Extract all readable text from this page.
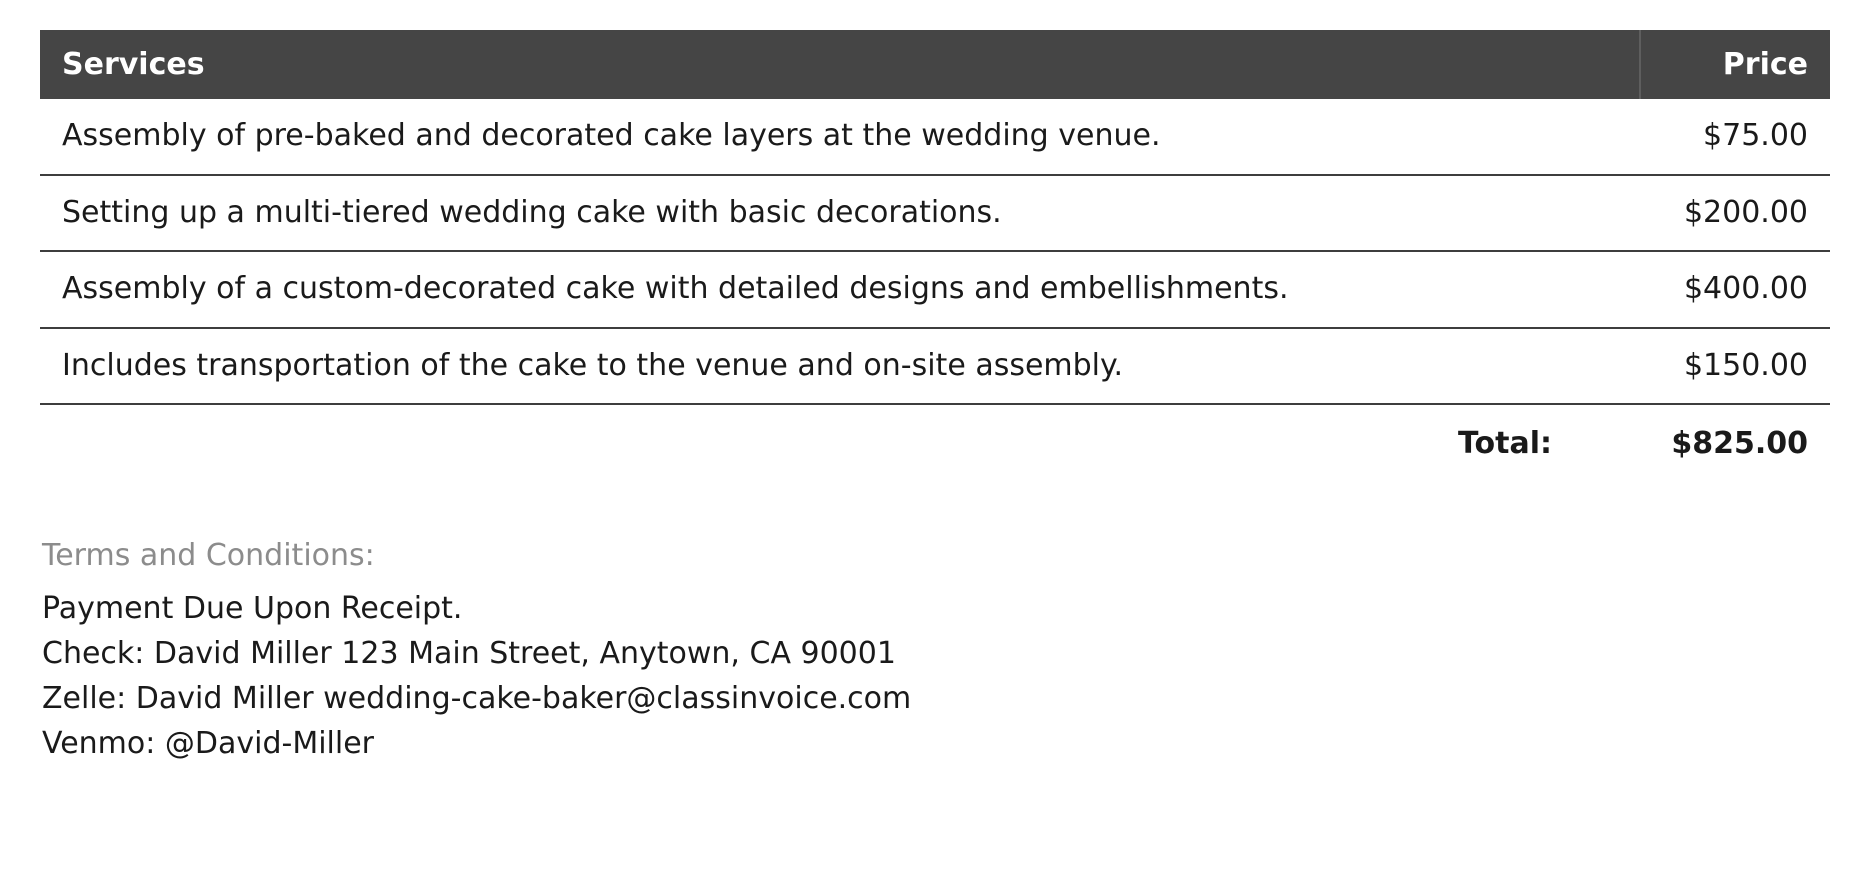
Services	Price
Assembly of pre-baked and decorated cake layers at the wedding venue.	$75.00
Setting up a multi-tiered wedding cake with basic decorations.	$200.00
Assembly of a custom-decorated cake with detailed designs and embellishments.	$400.00
Includes transportation of the cake to the venue and on-site assembly.	$150.00
Total:	$825.00
Terms and Conditions:
Payment Due Upon Receipt.
Check: David Miller 123 Main Street, Anytown, CA 90001
Zelle: David Miller wedding-cake-baker@classinvoice.com
Venmo: @David-Miller
